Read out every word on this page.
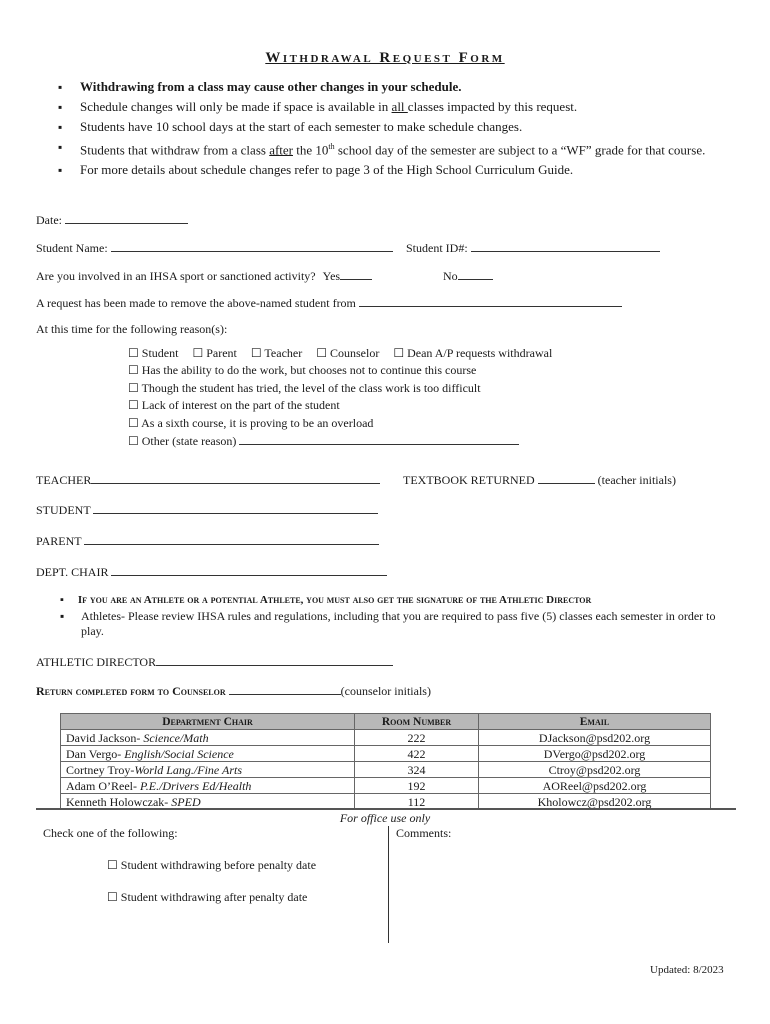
Withdrawal Request Form
▪ Withdrawing from a class may cause other changes in your schedule.
▪ Schedule changes will only be made if space is available in all classes impacted by this request.
▪ Students have 10 school days at the start of each semester to make schedule changes.
▪ Students that withdraw from a class after the 10th school day of the semester are subject to a “WF” grade for that course.
▪ For more details about schedule changes refer to page 3 of the High School Curriculum Guide.
Date:
Student Name:	Student ID#:
Are you involved in an IHSA sport or sanctioned activity? Yes	No
A request has been made to remove the above-named student from
At this time for the following reason(s):
☐ Student ☐ Parent ☐ Teacher ☐ Counselor ☐ Dean A/P requests withdrawal
☐ Has the ability to do the work, but chooses not to continue this course
☐ Though the student has tried, the level of the class work is too difficult
☐ Lack of interest on the part of the student
☐ As a sixth course, it is proving to be an overload
☐ Other (state reason)
TEACHER	TEXTBOOK RETURNED	(teacher initials)
STUDENT
PARENT
DEPT. CHAIR
▪ If you are an Athlete or a potential Athlete, you must also get the signature of the Athletic Director
▪	Athletes- Please review IHSA rules and regulations, including that you are required to pass five (5) classes each semester in order to play.
ATHLETIC DIRECTOR
Return completed form to Counselor	(counselor initials)
Department Chair	Room Number	Email
David Jackson- Science/Math	222	DJackson@psd202.org
Dan Vergo- English/Social Science	422	DVergo@psd202.org
Cortney Troy-World Lang./Fine Arts	324	Ctroy@psd202.org
Adam O’Reel- P.E./Drivers Ed/Health	192	AOReel@psd202.org
Kenneth Holowczak- SPED	112	Kholowcz@psd202.org
For office use only
Check one of the following:	Comments:
☐ Student withdrawing before penalty date
☐ Student withdrawing after penalty date
Updated: 8/2023
